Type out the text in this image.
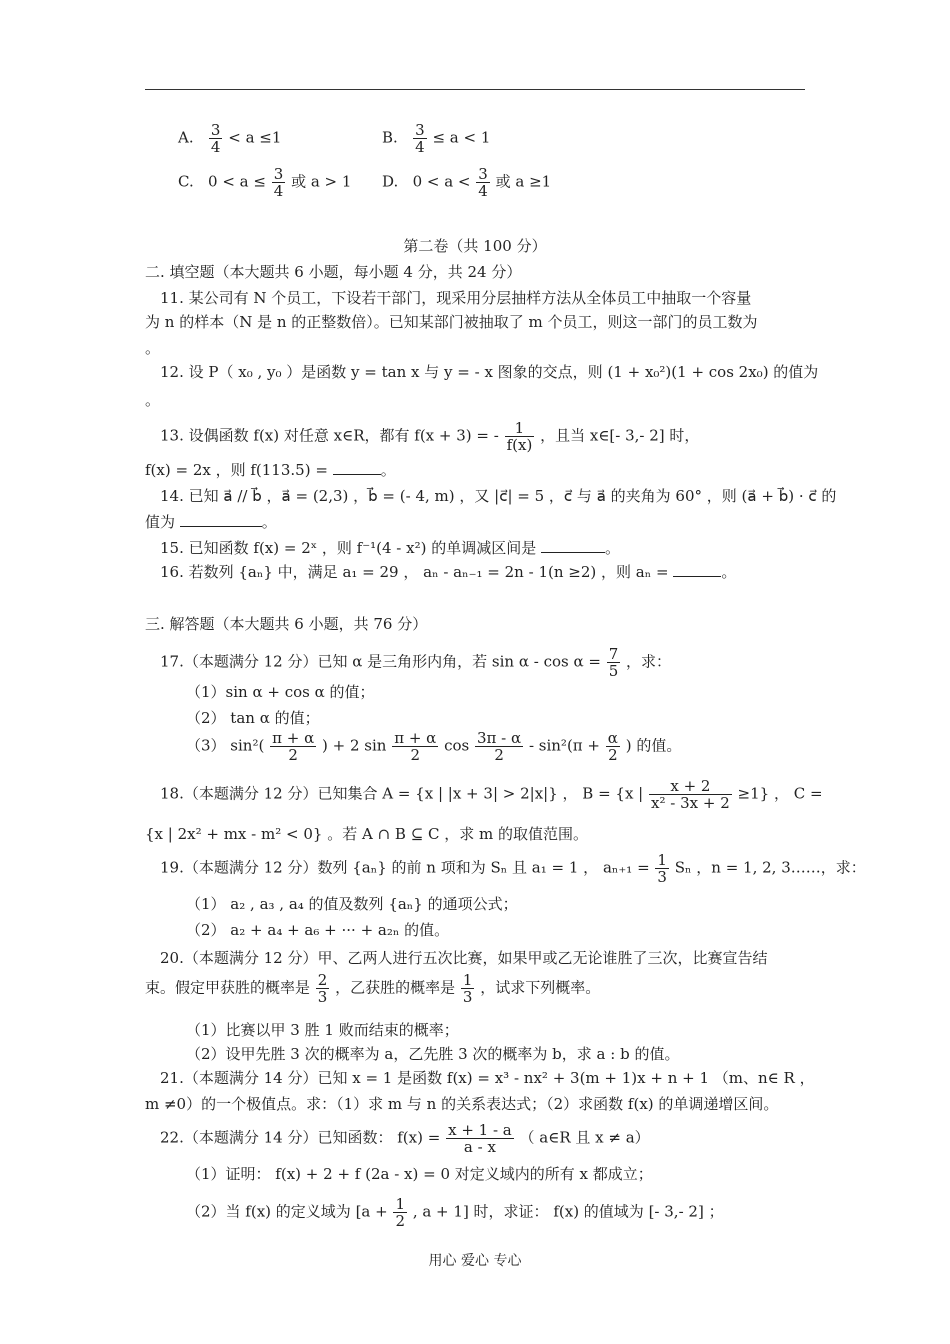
A. $\frac{3}{4} < a \le 1$	B. $\frac{3}{4} \le a < 1$
C. $0 < a \le \frac{3}{4}$ 或 a > 1 D. $0 < a < \frac{3}{4}$ 或 a ≥1
第二卷（共 100 分）
二. 填空题（本大题共 6 小题，每小题 4 分，共 24 分）
11. 某公司有 N 个员工，下设若干部门，现采用分层抽样方法从全体员工中抽取一个容量
为 n 的样本（N 是 n 的正整数倍）。已知某部门被抽取了 m 个员工，则这一部门的员工数为
。
12. 设 P（ x₀ , y₀ ）是函数 y = tan x 与 y = - x 图象的交点，则 (1 + x₀²)(1 + cos 2x₀) 的值为
。
13. 设偶函数 f(x) 对任意 x∈R，都有 f(x + 3) = - $\frac{1}{f(x)}$ ，且当 x∈[- 3,- 2] 时，
f(x) = 2x ，则 f(113.5) =	。
14. 已知 a⃗ // b⃗ ，a⃗ = (2,3) ，b⃗ = (- 4, m) ，又 |c⃗| = 5 ，c⃗ 与 a⃗ 的夹角为 60° ，则 (a⃗ + b⃗) · c⃗ 的
值为	。
15. 已知函数 f(x) = 2ˣ ，则 f⁻¹(4 - x²) 的单调减区间是	。
16. 若数列 {aₙ} 中，满足 a₁ = 29 ， aₙ - aₙ₋₁ = 2n - 1(n ≥2) ，则 aₙ =	。
三. 解答题（本大题共 6 小题，共 76 分）
17.（本题满分 12 分）已知 α 是三角形内角，若 $\sin \alpha - \cos \alpha = \frac{7}{5}$ ，求：
（1）sin α + cos α 的值；
（2） tan α 的值；
（3） $\sin^2( \frac{\pi + \alpha}{2}$ ) + 2 $\sin \frac{\pi + \alpha}{2}$ $\cos \frac{3\pi - \alpha}{2} - \sin^2(\pi + \frac{\alpha}{2}$ ) 的值。
18.（本题满分 12 分）已知集合 A = {x | |x + 3| > 2|x|} ， B = {x | $\frac{x + 2}{\text{x² - 3x + 2}} \ge 1$} ， C =
{x | 2x² + mx - m² < 0} 。若 A ∩ B ⊆ C ，求 m 的取值范围。
19.（本题满分 12 分）数列 {aₙ} 的前 n 项和为 Sₙ 且 a₁ = 1 ， $a_{n+1} = \frac{1}{3}$ Sₙ ，n = 1, 2, 3……，求：
（1） a₂ , a₃ , a₄ 的值及数列 {aₙ} 的通项公式；
（2） a₂ + a₄ + a₆ + ··· + a₂ₙ 的值。
20.（本题满分 12 分）甲、乙两人进行五次比赛，如果甲或乙无论谁胜了三次，比赛宣告结
束。假定甲获胜的概率是 $\frac{2}{3}$ ，乙获胜的概率是 $\frac{1}{3}$ ，试求下列概率。
（1）比赛以甲 3 胜 1 败而结束的概率；
（2）设甲先胜 3 次的概率为 a，乙先胜 3 次的概率为 b，求 a : b 的值。
21.（本题满分 14 分）已知 x = 1 是函数 f(x) = x³ - nx² + 3(m + 1)x + n + 1 （m、n∈ R ，
m ≠0）的一个极值点。求：（1）求 m 与 n 的关系表达式；（2）求函数 f(x) 的单调递增区间。
22.（本题满分 14 分）已知函数： $f(x) = \frac{x + 1 - a}{a - x}$ （ a∈R 且 x ≠ a）
（1）证明： f(x) + 2 + f (2a - x) = 0 对定义域内的所有 x 都成立；
（2）当 f(x) 的定义域为 [$a + \frac{1}{2}$ , a + 1] 时，求证： f(x) 的值域为 [- 3,- 2] ；
用心 爱心 专心
